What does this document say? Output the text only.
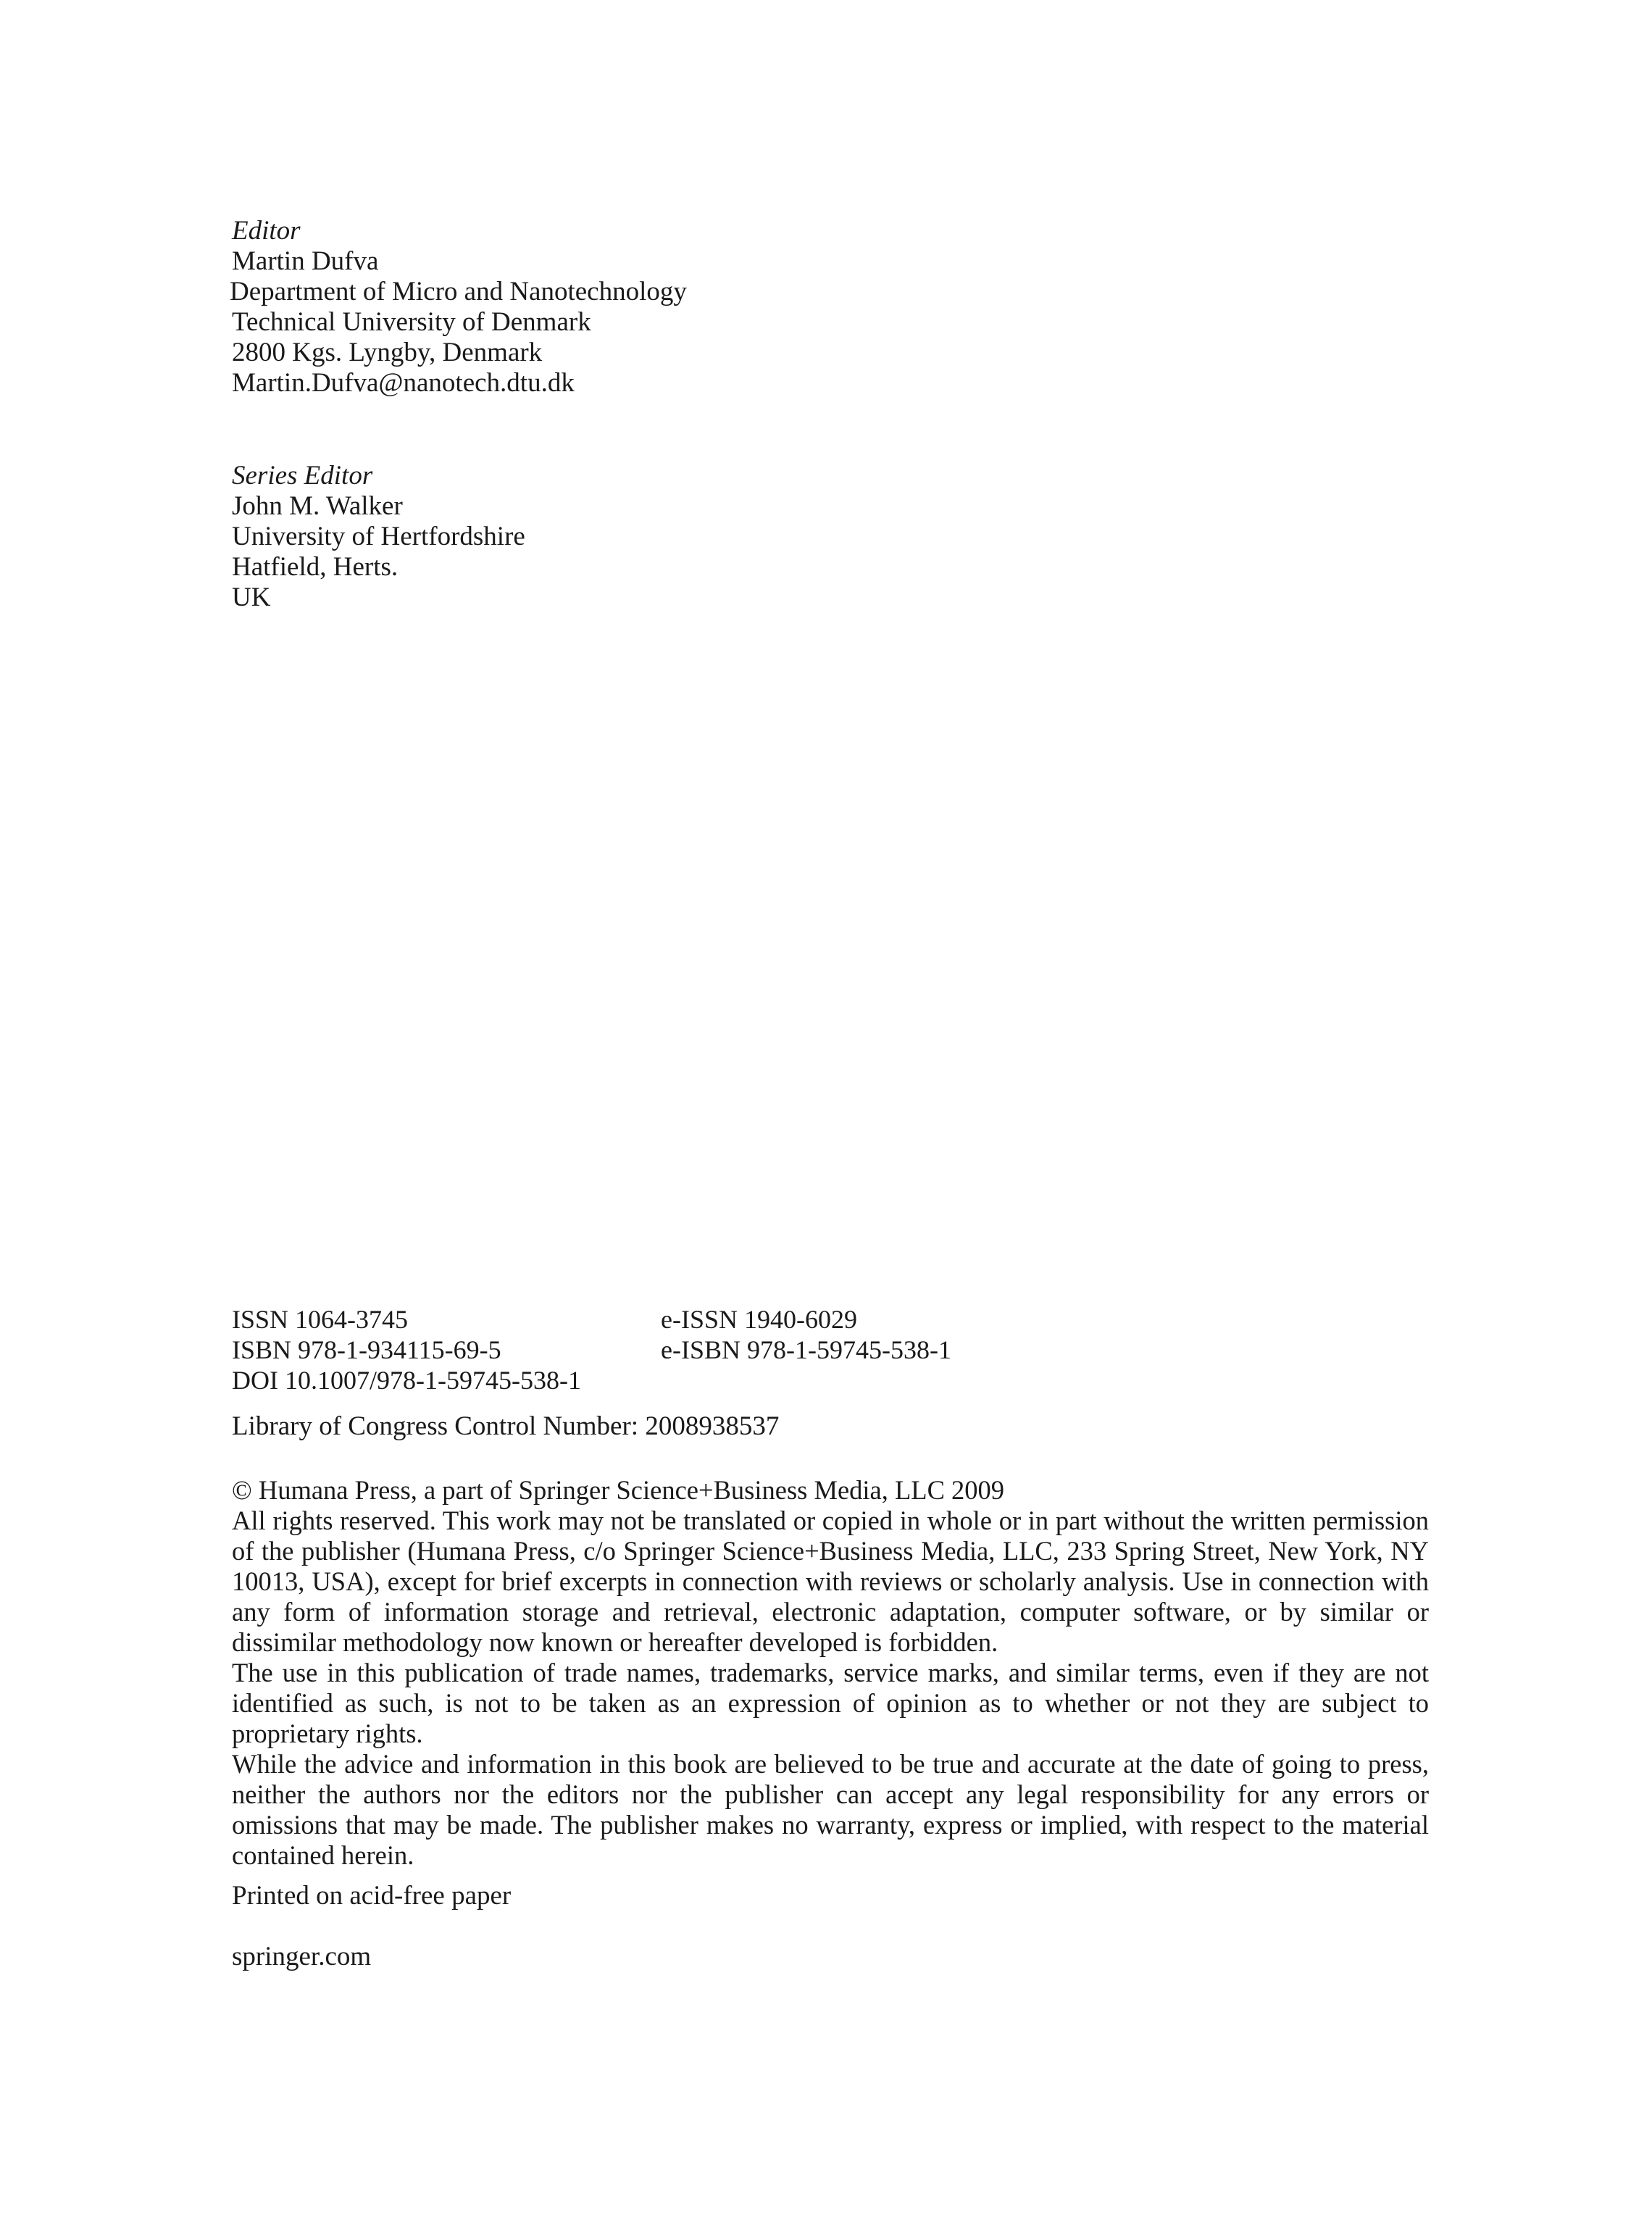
Editor
Martin Dufva
Department of Micro and Nanotechnology
Technical University of Denmark
2800 Kgs. Lyngby, Denmark
Martin.Dufva@nanotech.dtu.dk
Series Editor
John M. Walker
University of Hertfordshire
Hatfield, Herts.
UK
ISSN 1064-3745	e-ISSN 1940-6029
ISBN 978-1-934115-69-5	e-ISBN 978-1-59745-538-1
DOI 10.1007/978-1-59745-538-1
Library of Congress Control Number: 2008938537

© Humana Press, a part of Springer Science+Business Media, LLC 2009

All rights reserved. This work may not be translated or copied in whole or in part without the written permission of the publisher (Humana Press, c/o Springer Science+Business Media, LLC, 233 Spring Street, New York, NY 10013, USA), except for brief excerpts in connection with reviews or scholarly analysis. Use in connection with any form of information storage and retrieval, electronic adaptation, computer software, or by similar or dissimilar methodology now known or hereafter developed is forbidden.

The use in this publication of trade names, trademarks, service marks, and similar terms, even if they are not identified as such, is not to be taken as an expression of opinion as to whether or not they are subject to proprietary rights.

While the advice and information in this book are believed to be true and accurate at the date of going to press, neither the authors nor the editors nor the publisher can accept any legal responsibility for any errors or omissions that may be made. The publisher makes no warranty, express or implied, with respect to the material contained herein.

Printed on acid-free paper
springer.com
